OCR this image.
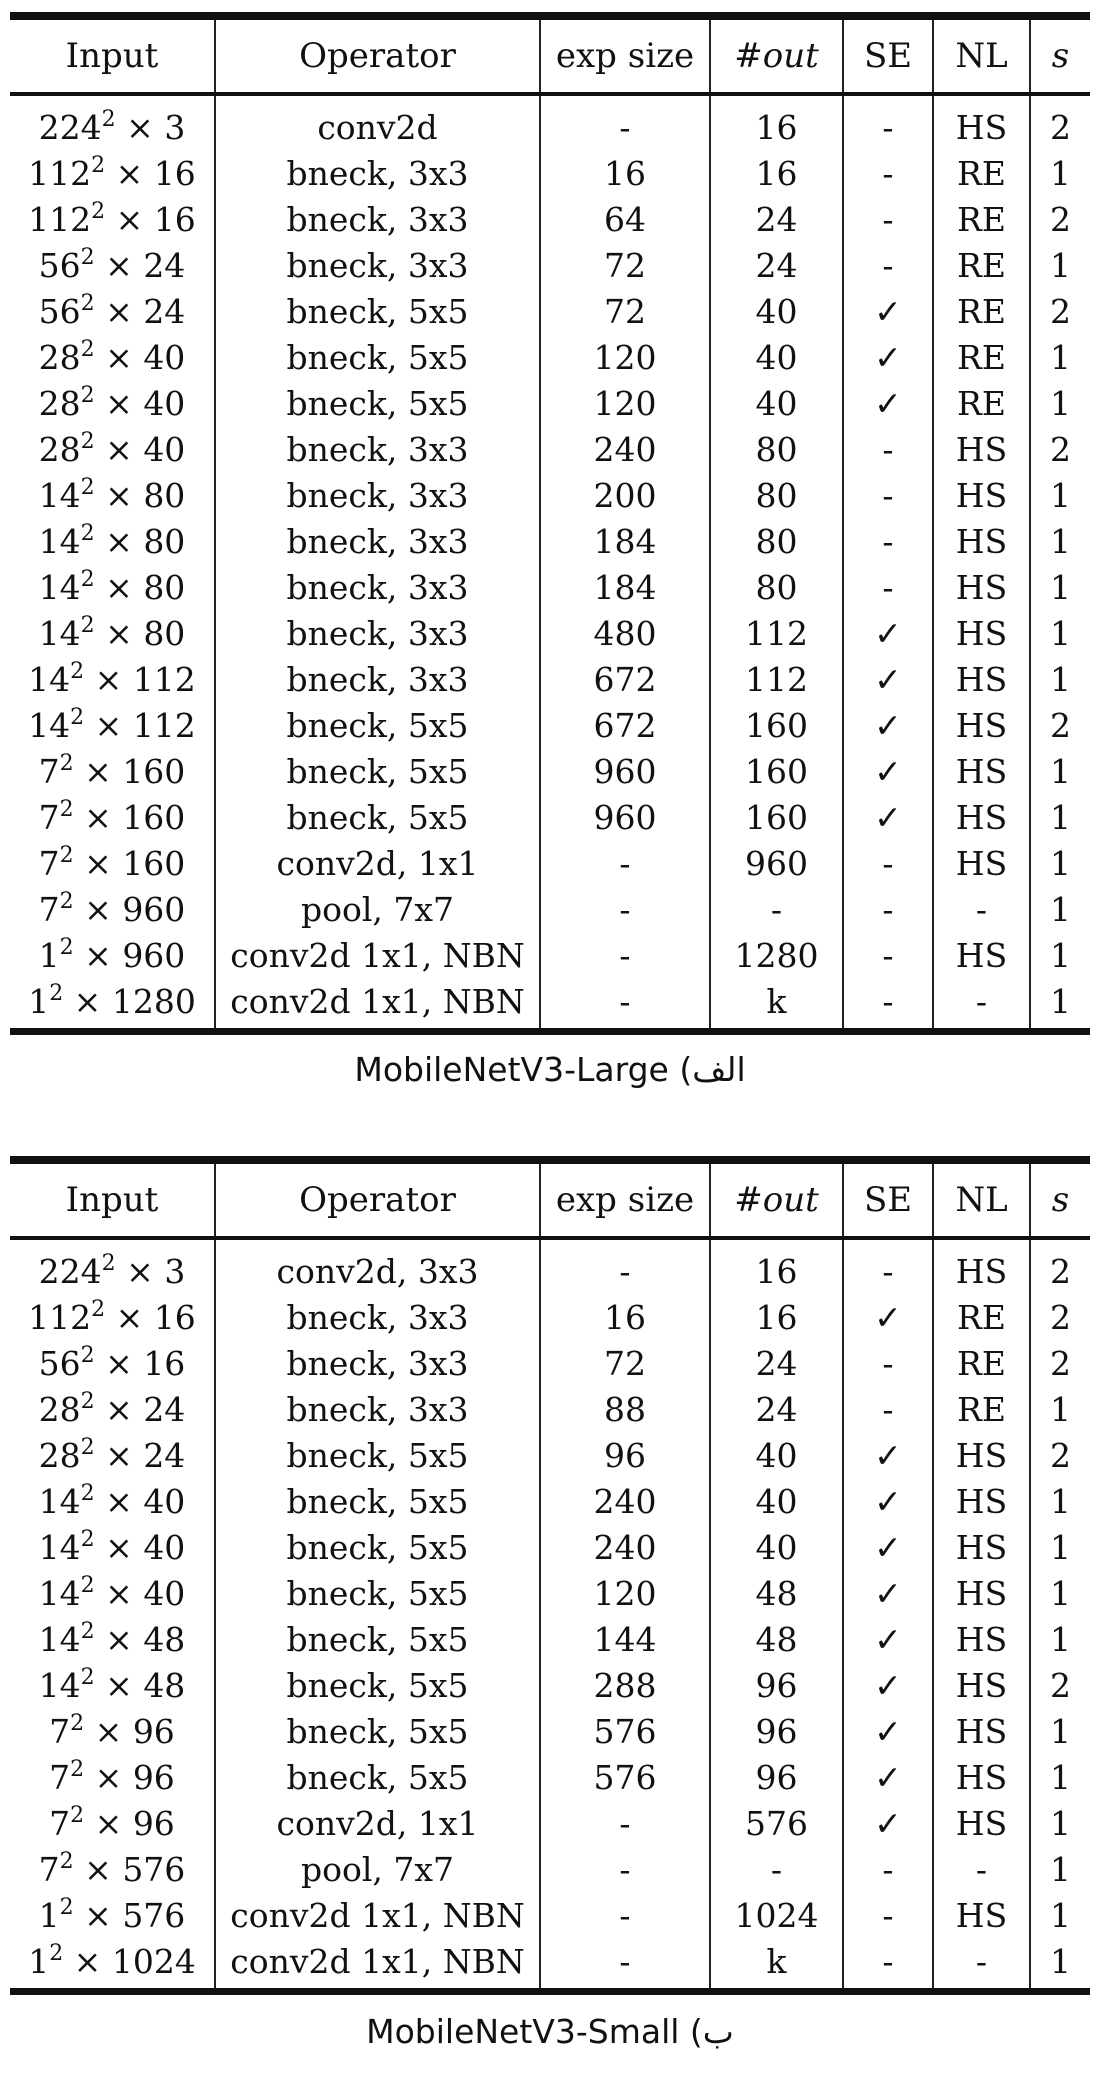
Input	Operator	exp size	#out	SE	NL	s
$224^2 \times 3$	conv2d	-	16	-	HS	2
$112^2 \times 16$	bneck, 3x3	16	16	-	RE	1
$112^2 \times 16$	bneck, 3x3	64	24	-	RE	2
$56^2 \times 24$	bneck, 3x3	72	24	-	RE	1
$56^2 \times 24$	bneck, 5x5	72	40	✓	RE	2
$28^2 \times 40$	bneck, 5x5	120	40	✓	RE	1
$28^2 \times 40$	bneck, 5x5	120	40	✓	RE	1
$28^2 \times 40$	bneck, 3x3	240	80	-	HS	2
$14^2 \times 80$	bneck, 3x3	200	80	-	HS	1
$14^2 \times 80$	bneck, 3x3	184	80	-	HS	1
$14^2 \times 80$	bneck, 3x3	184	80	-	HS	1
$14^2 \times 80$	bneck, 3x3	480	112	✓	HS	1
$14^2 \times 112$	bneck, 3x3	672	112	✓	HS	1
$14^2 \times 112$	bneck, 5x5	672	160	✓	HS	2
$7^2 \times 160$	bneck, 5x5	960	160	✓	HS	1
$7^2 \times 160$	bneck, 5x5	960	160	✓	HS	1
$7^2 \times 160$	conv2d, 1x1	-	960	-	HS	1
$7^2 \times 960$	pool, 7x7	-	-	-	-	1
$1^2 \times 960$	conv2d 1x1, NBN	-	1280	-	HS	1
$1^2 \times 1280$	conv2d 1x1, NBN	-	k	-	-	1
MobileNetV3-Large (الف
Input	Operator	exp size	#out	SE	NL	s
$224^2 \times 3$	conv2d, 3x3	-	16	-	HS	2
$112^2 \times 16$	bneck, 3x3	16	16	✓	RE	2
$56^2 \times 16$	bneck, 3x3	72	24	-	RE	2
$28^2 \times 24$	bneck, 3x3	88	24	-	RE	1
$28^2 \times 24$	bneck, 5x5	96	40	✓	HS	2
$14^2 \times 40$	bneck, 5x5	240	40	✓	HS	1
$14^2 \times 40$	bneck, 5x5	240	40	✓	HS	1
$14^2 \times 40$	bneck, 5x5	120	48	✓	HS	1
$14^2 \times 48$	bneck, 5x5	144	48	✓	HS	1
$14^2 \times 48$	bneck, 5x5	288	96	✓	HS	2
$7^2 \times 96$	bneck, 5x5	576	96	✓	HS	1
$7^2 \times 96$	bneck, 5x5	576	96	✓	HS	1
$7^2 \times 96$	conv2d, 1x1	-	576	✓	HS	1
$7^2 \times 576$	pool, 7x7	-	-	-	-	1
$1^2 \times 576$	conv2d 1x1, NBN	-	1024	-	HS	1
$1^2 \times 1024$	conv2d 1x1, NBN	-	k	-	-	1
MobileNetV3-Small (ب
